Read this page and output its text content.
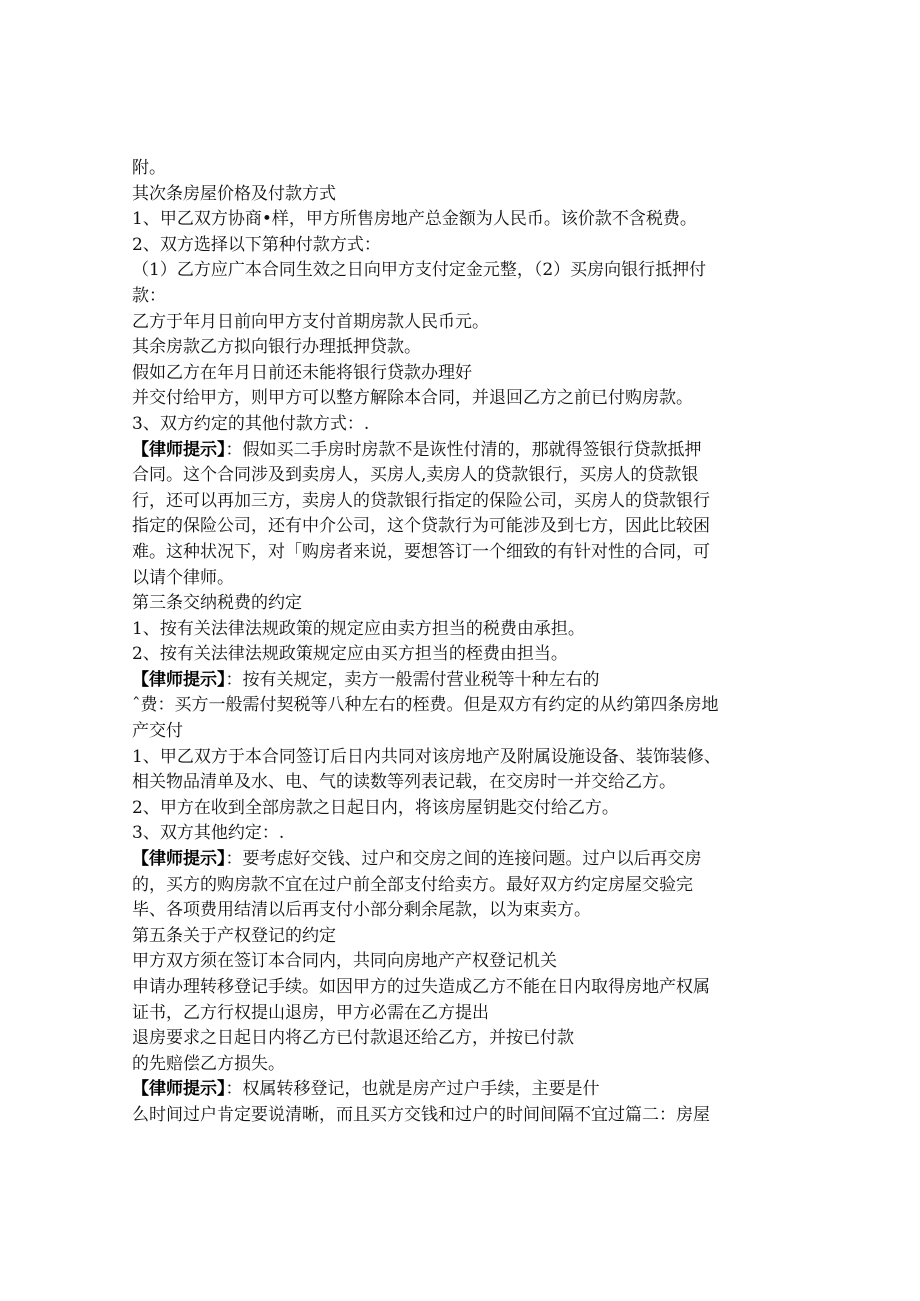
附。
其次条房屋价格及付款方式
1、甲乙双方协商•样，甲方所售房地产总金额为人民币。该价款不含税费。
2、双方选择以下第种付款方式：
（1）乙方应广本合同生效之日向甲方支付定金元整，（2）买房向银行抵押付
款：
乙方于年月日前向甲方支付首期房款人民币元。
其余房款乙方拟向银行办理抵押贷款。
假如乙方在年月日前还未能将银行贷款办理好
并交付给甲方，则甲方可以整方解除本合同，并退回乙方之前已付购房款。
3、双方约定的其他付款方式：.
【律师提示】：假如买二手房时房款不是诙性付清的，那就得签银行贷款抵押
合同。这个合同涉及到卖房人，买房人,卖房人的贷款银行，买房人的贷款银
行，还可以再加三方，卖房人的贷款银行指定的保险公司，买房人的贷款银行
指定的保险公司，还有中介公司，这个贷款行为可能涉及到七方，因此比较困
难。这种状况下，对「购房者来说，要想答订一个细致的有针对性的合同，可
以请个律师。
第三条交纳税费的约定
1、按有关法律法规政策的规定应由卖方担当的税费由承担。
2、按有关法律法规政策规定应由买方担当的桎费由担当。
【律师提示】：按有关规定，卖方一般需付营业税等十种左右的
ˆ费：买方一般需付契税等八种左右的桎费。但是双方有约定的从约第四条房地
产交付
1、甲乙双方于本合同签订后日内共同对该房地产及附属设施设备、装饰装修、
相关物品清单及水、电、气的读数等列表记载，在交房时一并交给乙方。
2、甲方在收到全部房款之日起日内，将该房屋钥匙交付给乙方。
3、双方其他约定：.
【律师提示】：要考虑好交钱、过户和交房之间的连接问题。过户以后再交房
的，买方的购房款不宜在过户前全部支付给卖方。最好双方约定房屋交验完
毕、各项费用结清以后再支付小部分剩余尾款，以为束卖方。
第五条关于产权登记的约定
甲方双方须在签订本合同内，共同向房地产产权登记机关
申请办理转移登记手续。如因甲方的过失造成乙方不能在日内取得房地产权属
证书，乙方行权提山退房，甲方必需在乙方提出
退房要求之日起日内将乙方已付款退还给乙方，并按已付款
的先赔偿乙方损失。
【律师提示】：权属转移登记，也就是房产过户手续，主要是什
么时间过户肯定要说清晰，而且买方交钱和过户的时间间隔不宜过篇二：房屋
